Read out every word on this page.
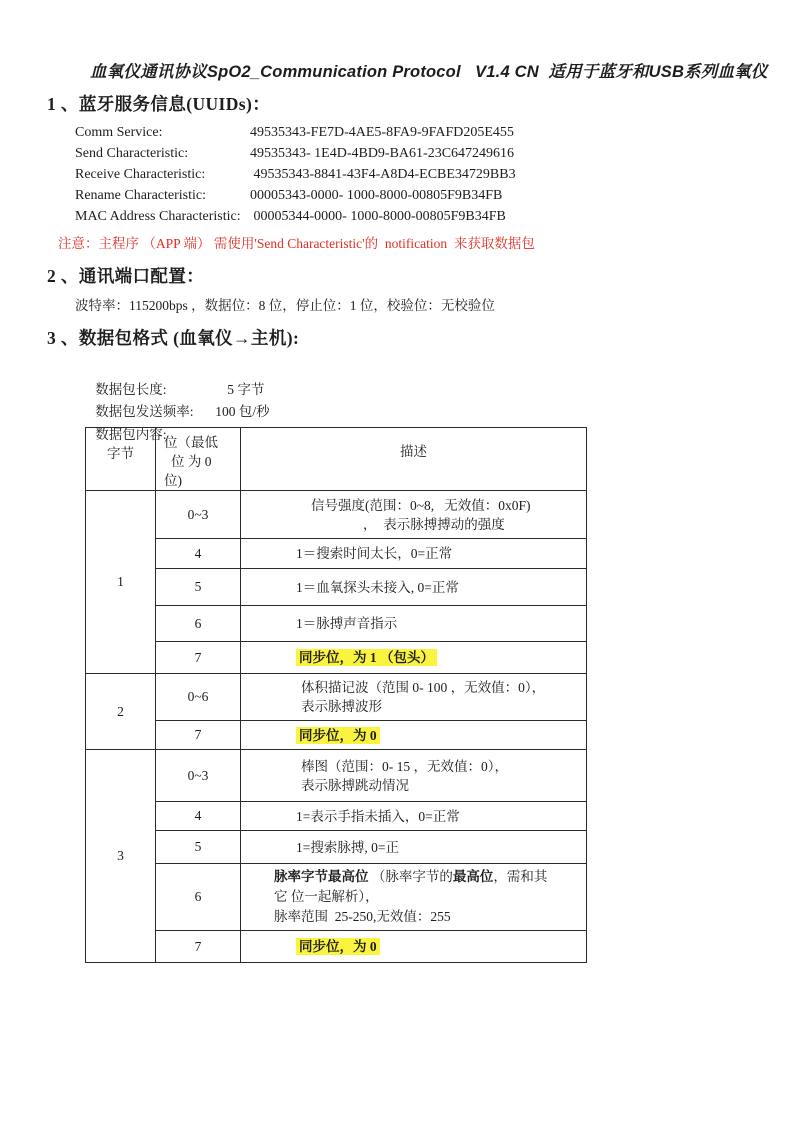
血氧仪通讯协议SpO2_Communication Protocol   V1.4 CN  适用于蓝牙和USB系列血氧仪
1 、蓝牙服务信息(UUIDs)：
Comm Service:	49535343-FE7D-4AE5-8FA9-9FAFD205E455
Send Characteristic:	49535343- 1E4D-4BD9-BA61-23C647249616
Receive Characteristic:	49535343-8841-43F4-A8D4-ECBE34729BB3
Rename Characteristic:	00005343-0000- 1000-8000-00805F9B34FB
MAC Address Characteristic: 00005344-0000- 1000-8000-00805F9B34FB
注意：主程序 （APP 端） 需使用'Send Characteristic'的  notification  来获取数据包
2 、通讯端口配置：
波特率：115200bps ，数据位：8 位，停止位：1 位，校验位：无校验位
3 、数据包格式 (血氧仪→主机):

数据包长度:	5 字节

数据包发送频率: 100 包/秒

数据包内容:

字节	位（最低
位 为 0
位)	描述
1	0~3	信号强度(范围：0~8,   无效值：0x0F)
，  表示脉搏搏动的强度

	4	1＝搜索时间太长，0=正常
	5	1＝血氧探头未接入, 0=正常
	6	1＝脉搏声音指示
	7	同步位，为 1 （包头）
2	0~6	体积描记波（范围 0- 100 ，无效值：0），
表示脉搏波形

	7	同步位，为 0
3	0~3	棒图（范围：0- 15 ，无效值：0），
表示脉搏跳动情况

	4	1=表示手指未插入，0=正常
	5	1=搜索脉搏, 0=正
	6	脉率字节最高位 （脉率字节的最高位，需和其
它 位一起解析），
脉率范围  25-250,无效值：255

	7	同步位，为 0
